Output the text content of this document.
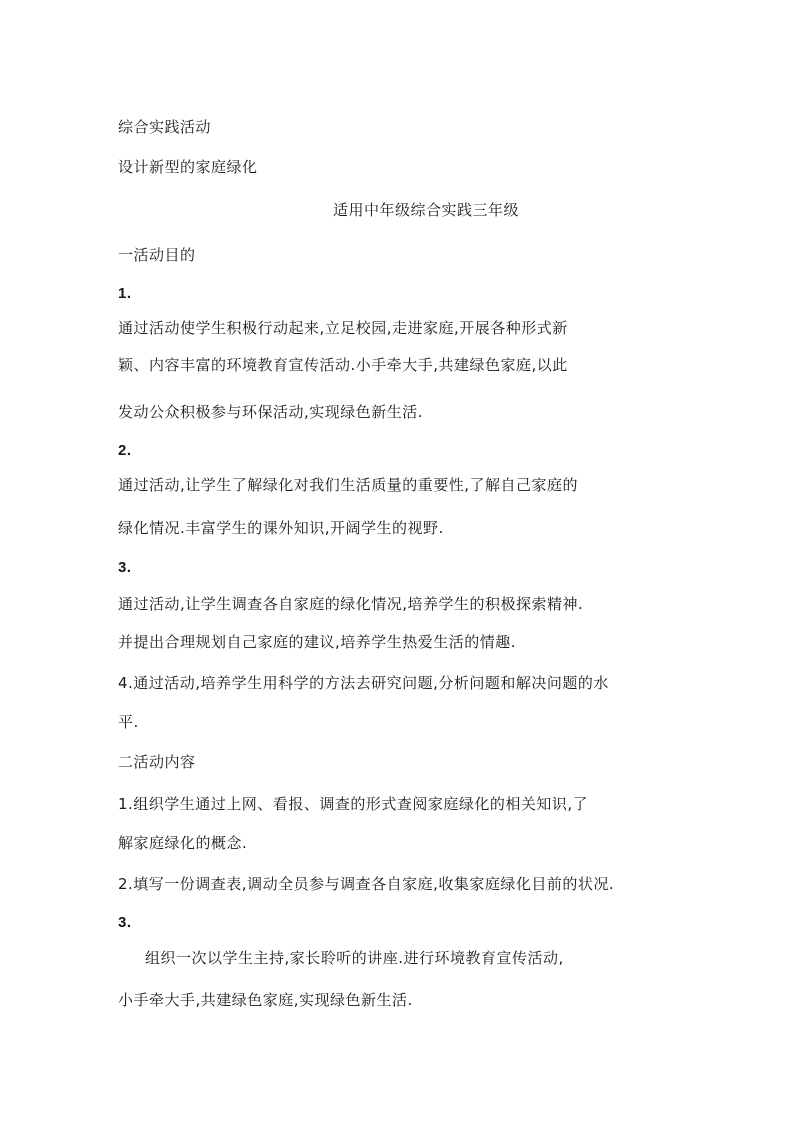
综合实践活动
设计新型的家庭绿化
适用中年级综合实践三年级
一活动目的
1.
通过活动使学生积极行动起来,立足校园,走进家庭,开展各种形式新
颖、内容丰富的环境教育宣传活动.小手牵大手,共建绿色家庭,以此
发动公众积极参与环保活动,实现绿色新生活.
2.
通过活动,让学生了解绿化对我们生活质量的重要性,了解自己家庭的
绿化情况.丰富学生的课外知识,开阔学生的视野.
3.
通过活动,让学生调查各自家庭的绿化情况,培养学生的积极探索精神.
并提出合理规划自己家庭的建议,培养学生热爱生活的情趣.
4.通过活动,培养学生用科学的方法去研究问题,分析问题和解决问题的水
平.
二活动内容
1.组织学生通过上网、看报、调查的形式查阅家庭绿化的相关知识,了
解家庭绿化的概念.
2.填写一份调查表,调动全员参与调查各自家庭,收集家庭绿化目前的状况.
3.
组织一次以学生主持,家长聆听的讲座.进行环境教育宣传活动,
小手牵大手,共建绿色家庭,实现绿色新生活.
